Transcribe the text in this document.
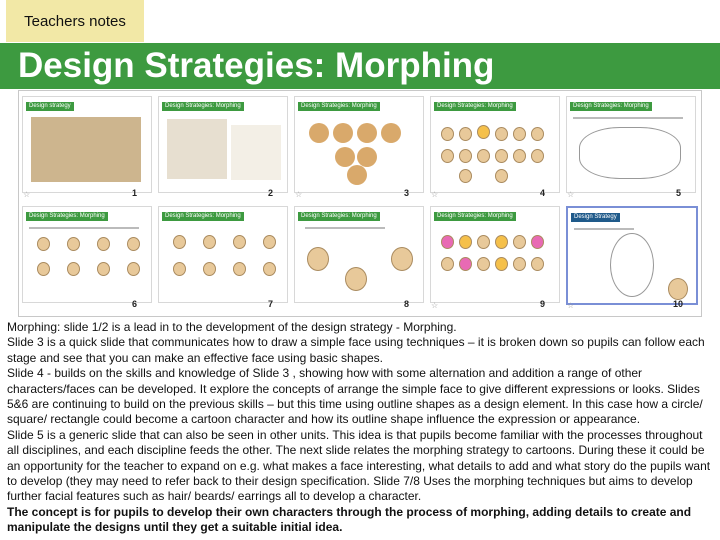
Teachers notes
Design Strategies: Morphing
Design strategy
1
☆
Design Strategies: Morphing
2
Design Strategies: Morphing
3
☆
Design Strategies: Morphing
4
☆
Design Strategies: Morphing
5
☆
Design Strategies: Morphing
6
Design Strategies: Morphing
7
Design Strategies: Morphing
8
Design Strategies: Morphing
9
☆
Design Strategy
10
☆

Morphing: slide 1/2 is a lead in to the development of the design strategy - Morphing.

Slide 3 is a quick slide that communicates how to draw a simple face using techniques – it is broken down so pupils can follow each stage and see that you can make an effective face using basic shapes.

Slide 4 - builds on the skills and knowledge of Slide 3 , showing how with some alternation and addition a range of other characters/faces can be developed. It explore the concepts of arrange the simple face to give different expressions or looks. Slides 5&6 are continuing to build on the previous skills – but this time using outline shapes as a design element. In this case how a circle/ square/ rectangle could become a cartoon character and how its outline shape influence the expression or appearance.

Slide 5 is a generic slide that can also be seen in other units. This idea is that pupils become familiar with the processes throughout all disciplines, and each discipline feeds the other. The next slide relates the morphing strategy to cartoons. During these it could be an opportunity for the teacher to expand on e.g. what makes a face interesting, what details to add and what story do the pupils want to develop (they may need to refer back to their design specification. Slide 7/8 Uses the morphing techniques but aims to develop further facial features such as hair/ beards/ earrings all to develop a character.

The concept is for pupils to develop their own characters through the process of morphing, adding details to create and manipulate the designs until they get a suitable initial idea.
